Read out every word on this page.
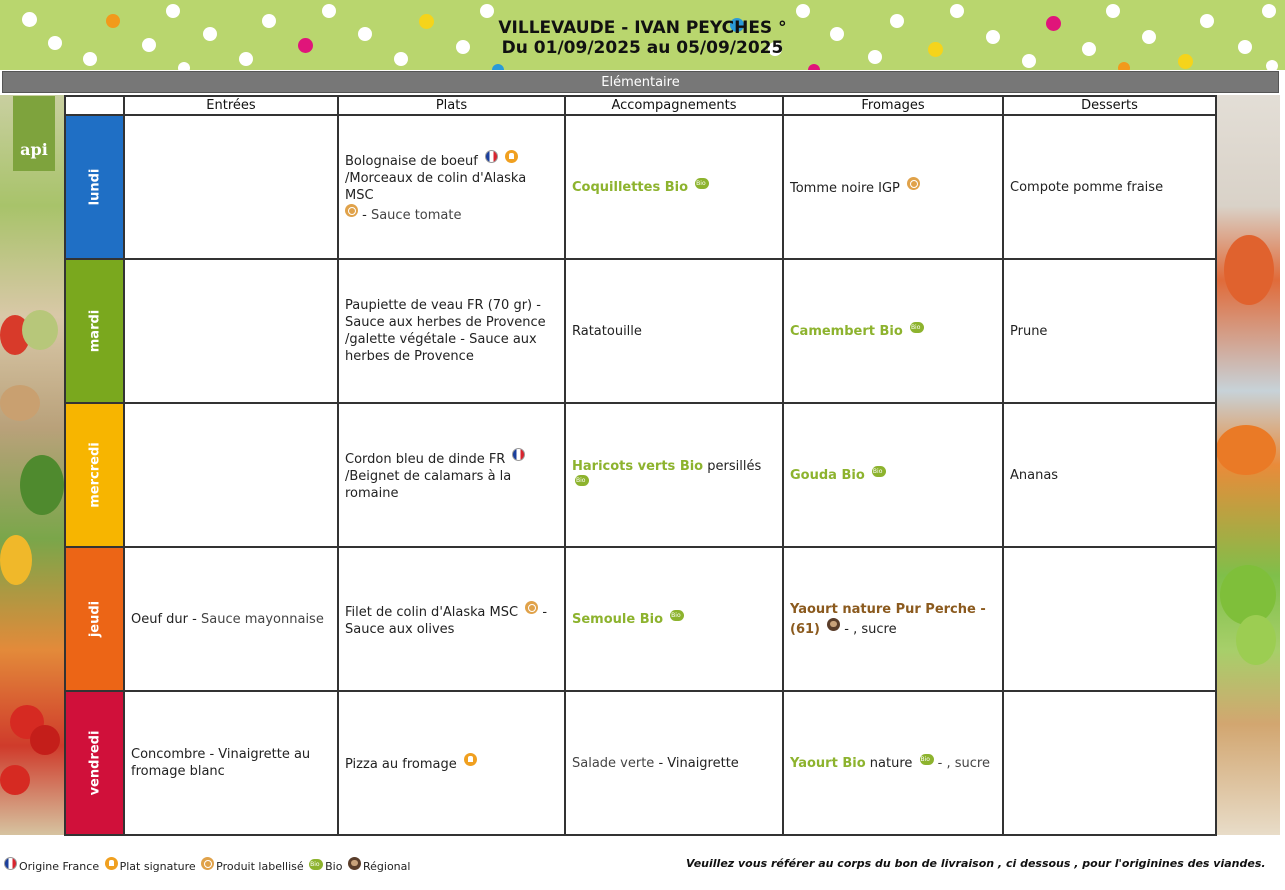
VILLEVAUDE - IVAN PEYCHES °
Du 01/09/2025 au 05/09/2025
Elémentaire
api
	Entrées	Plats	Accompagnements	Fromages	Desserts

lundi		Bolognaise de boeuf
/Morceaux de colin d'Alaska MSC
- Sauce tomate	Coquillettes Bio Bio	Tomme noire IGP	Compote pomme fraise

mardi		Paupiette de veau FR (70 gr) - Sauce aux herbes de Provence /galette végétale - Sauce aux herbes de Provence	Ratatouille	Camembert Bio Bio	Prune

mercredi		Cordon bleu de dinde FR
/Beignet de calamars à la romaine	Haricots verts Bio persillés Bio	Gouda Bio Bio	Ananas

jeudi	Oeuf dur - Sauce mayonnaise	Filet de colin d'Alaska MSC  - Sauce aux olives	Semoule Bio Bio	Yaourt nature Pur Perche -
(61)  - , sucre	

vendredi	Concombre - Vinaigrette au fromage blanc	Pizza au fromage	Salade verte - Vinaigrette	Yaourt Bio nature Bio - , sucre	
Origine France Plat signature Produit labellisé Bio Bio Régional	Veuillez vous référer au corps du bon de livraison , ci dessous , pour l'originines des viandes.
